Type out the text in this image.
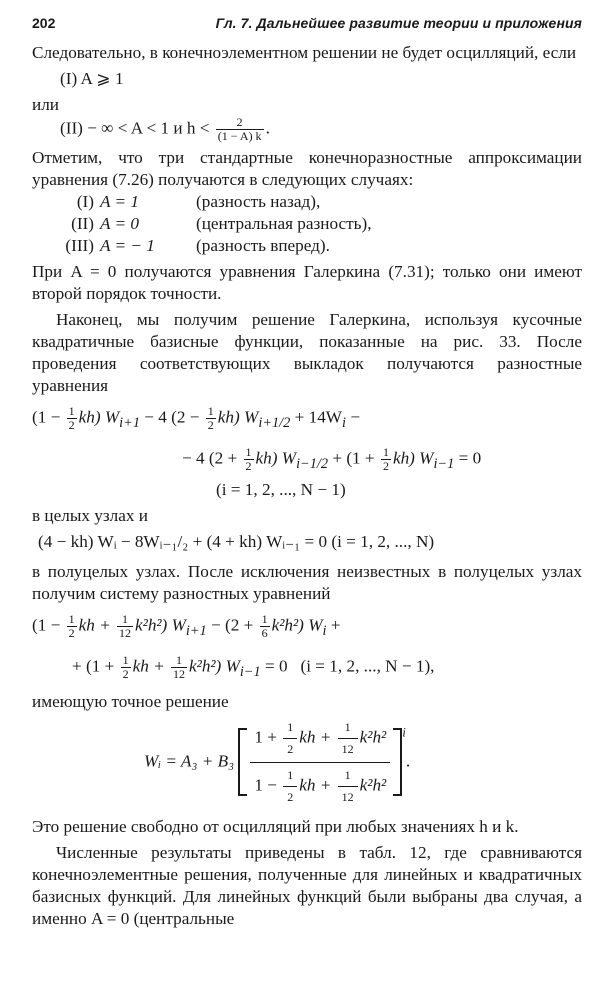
202	Гл. 7. Дальнейшее развитие теории и приложения

Следовательно, в конечноэлементном решении не будет осцилляций, если

(I) A ⩾ 1

или

(II) − ∞ < A < 1 и $h < \frac{2}{(1 - A) k}$ .

Отметим, что три стандартные конечноразностные аппроксимации уравнения (7.26) получаются в следующих случаях:

(I) A = 1	(разность назад),
(II) A = 0	(центральная разность),
(III) A = − 1	(разность вперед).

При A = 0 получаются уравнения Галеркина (7.31); только они имеют второй порядок точности.

Наконец, мы получим решение Галеркина, используя кусочные квадратичные базисные функции, показанные на рис. 33. После проведения соответствующих выкладок получаются разностные уравнения

$(1 - \frac{1}{2} kh)$ $W_{i+1} - 4$ $(2 - \frac{1}{2} kh)$ $W_{i+1/2} + 14W_i$ −
− 4 $(2 + \frac{1}{2} kh)$ $W_{i-1/2} + (1 + \frac{1}{2} kh) W_{i-1} = 0$
(i = 1, 2, ..., N − 1)

в целых узлах и

(4 − kh) Wᵢ − 8Wᵢ₋₁/₂ + (4 + kh) Wᵢ₋₁ = 0 (i = 1, 2, ..., N)

в полуцелых узлах. После исключения неизвестных в полуцелых узлах получим систему разностных уравнений

($1 - \frac{1}{2}$ kh + $\frac{1}{12} k^2h^2$) $W_{i+1} - (2 + \frac{1}{6} k^2h^2) W_i$ +
+ ($1 + \frac{1}{2}$ kh + $\frac{1}{12} k^2h^2$) $W_{i-1} = 0$ (i = 1, 2, ..., N − 1),

имеющую точное решение

Wᵢ = $A_3 + B_3 \frac{1 + \frac{1}{2} kh + \frac{1}{12} k^2h^2}{1 - \frac{1}{2} kh + \frac{1}{12} k^2h^2} ^i$.

Это решение свободно от осцилляций при любых значениях h и k.

Численные результаты приведены в табл. 12, где сравниваются конечноэлементные решения, полученные для линейных и квадратичных базисных функций. Для линейных функций были выбраны два случая, а именно A = 0 (центральные
